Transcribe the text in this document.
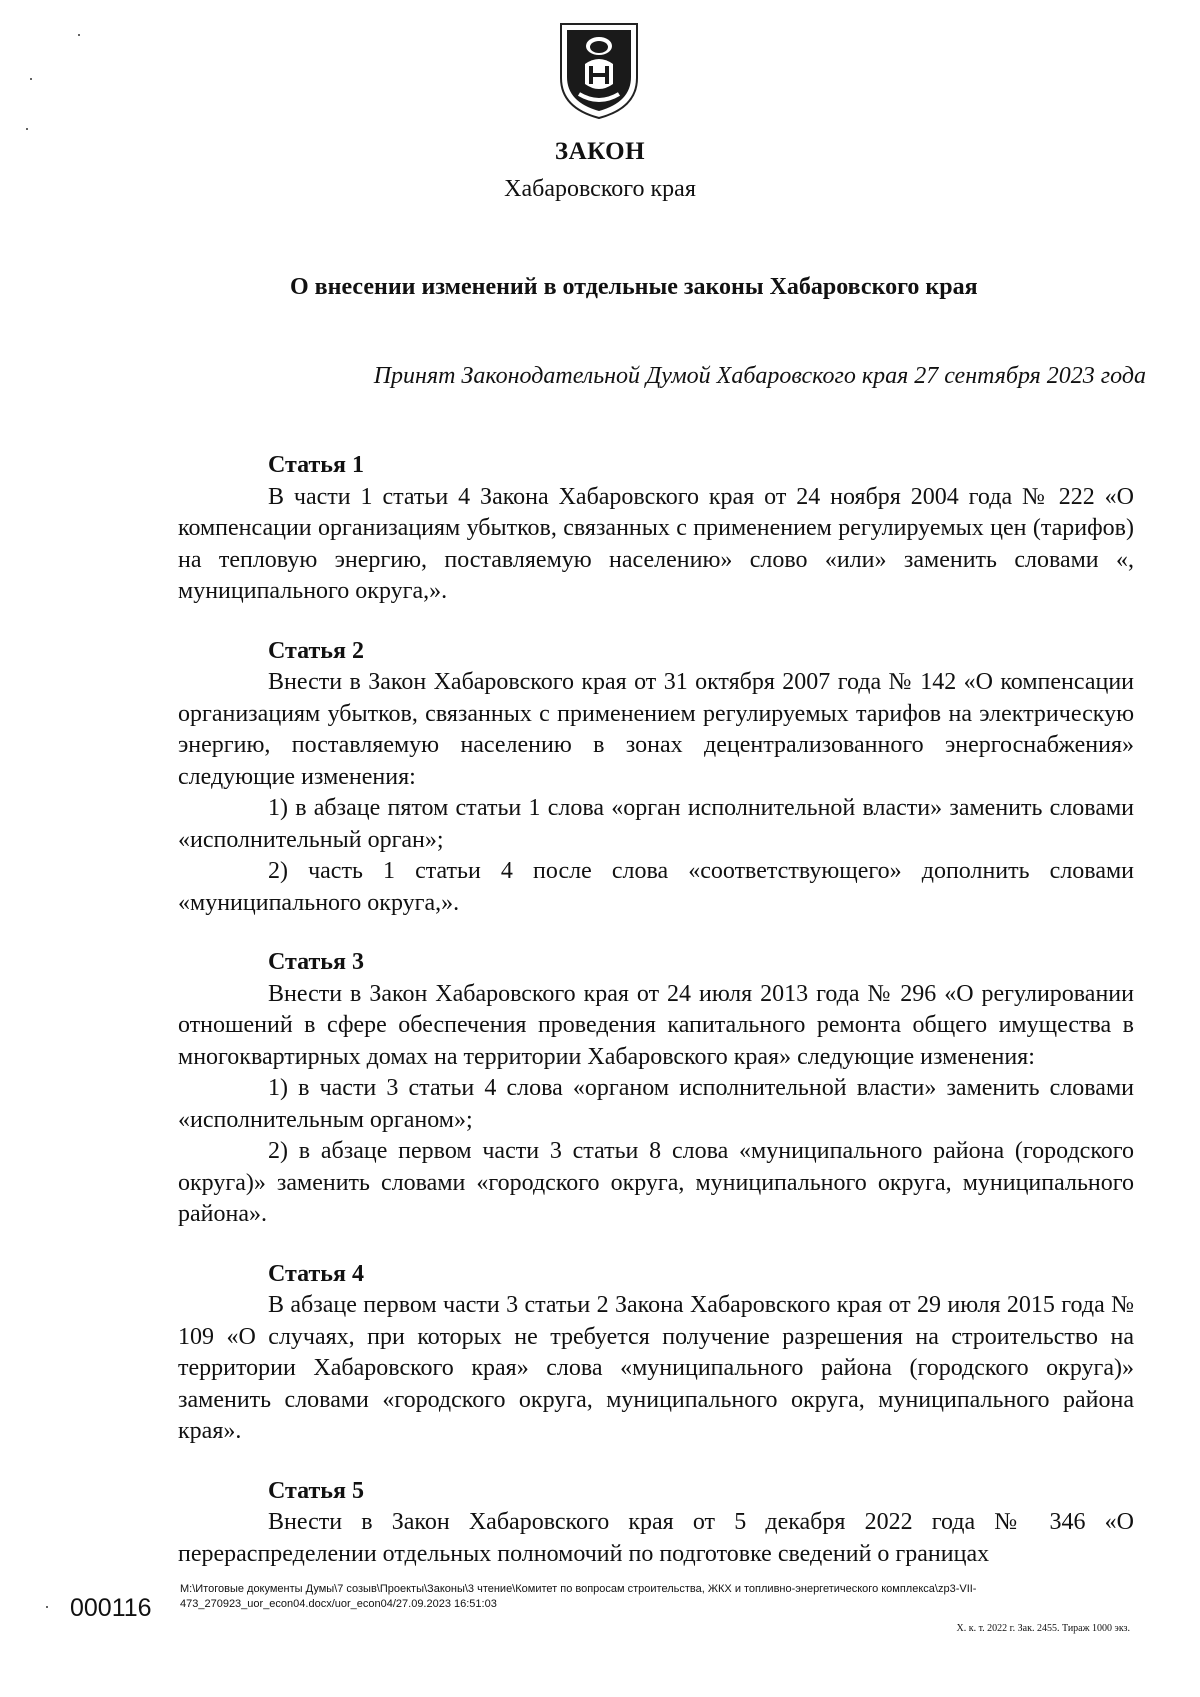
ЗАКОН
Хабаровского края
О внесении изменений в отдельные законы Хабаровского края
Принят Законодательной Думой Хабаровского края 27 сентября 2023 года
Статья 1

В части 1 статьи 4 Закона Хабаровского края от 24 ноября 2004 года № 222 «О компенсации организациям убытков, связанных с применением регулируемых цен (тарифов) на тепловую энергию, поставляемую населению» слово «или» заменить словами «, муниципального округа,».

Статья 2

Внести в Закон Хабаровского края от 31 октября 2007 года № 142 «О компенсации организациям убытков, связанных с применением регулируемых тарифов на электрическую энергию, поставляемую населению в зонах децентрализованного энергоснабжения» следующие изменения:

1) в абзаце пятом статьи 1 слова «орган исполнительной власти» заменить словами «исполнительный орган»;

2) часть 1 статьи 4 после слова «соответствующего» дополнить словами «муниципального округа,».

Статья 3

Внести в Закон Хабаровского края от 24 июля 2013 года № 296 «О регулировании отношений в сфере обеспечения проведения капитального ремонта общего имущества в многоквартирных домах на территории Хабаровского края» следующие изменения:

1) в части 3 статьи 4 слова «органом исполнительной власти» заменить словами «исполнительным органом»;

2) в абзаце первом части 3 статьи 8 слова «муниципального района (городского округа)» заменить словами «городского округа, муниципального округа, муниципального района».

Статья 4

В абзаце первом части 3 статьи 2 Закона Хабаровского края от 29 июля 2015 года № 109 «О случаях, при которых не требуется получение разрешения на строительство на территории Хабаровского края» слова «муниципального района (городского округа)» заменить словами «городского округа, муниципального округа, муниципального района края».

Статья 5

Внести в Закон Хабаровского края от 5 декабря 2022 года № 346 «О перераспределении отдельных полномочий по подготовке сведений о границах

000116
M:\Итоговые документы Думы\7 созыв\Проекты\Законы\3 чтение\Комитет по вопросам строительства, ЖКХ и топливно-энергетического комплекса\zp3-VII-473_270923_uor_econ04.docx/uor_econ04/27.09.2023 16:51:03
Х. к. т. 2022 г. Зак. 2455. Тираж 1000 экз.
